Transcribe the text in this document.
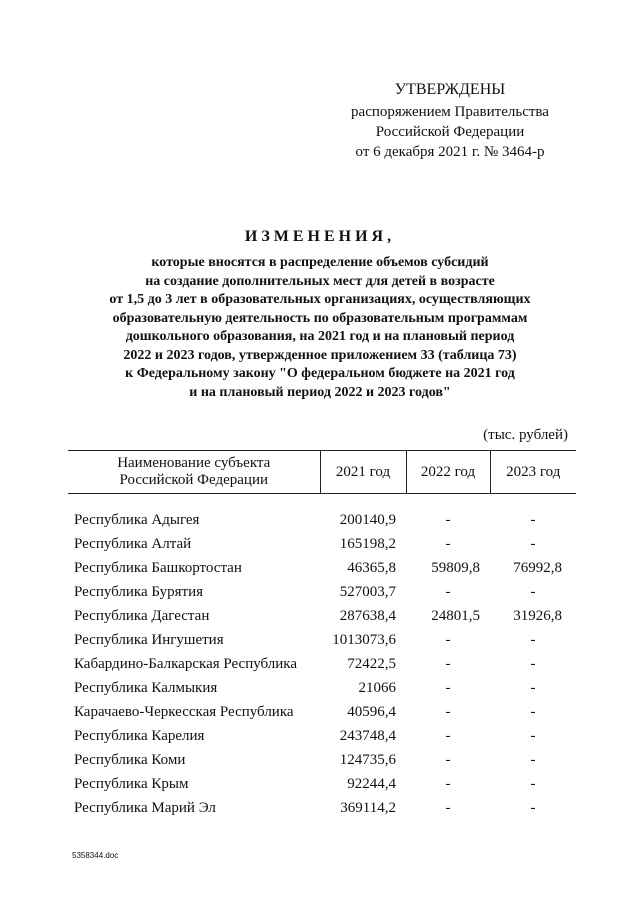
УТВЕРЖДЕНЫ
распоряжением Правительства
Российской Федерации
от 6 декабря 2021 г. № 3464-р
ИЗМЕНЕНИЯ,
которые вносятся в распределение объемов субсидий
на создание дополнительных мест для детей в возрасте
от 1,5 до 3 лет в образовательных организациях, осуществляющих
образовательную деятельность по образовательным программам
дошкольного образования, на 2021 год и на плановый период
2022 и 2023 годов, утвержденное приложением 33 (таблица 73)
к Федеральному закону "О федеральном бюджете на 2021 год
и на плановый период 2022 и 2023 годов"
(тыс. рублей)
Наименование субъекта
Российской Федерации	2021 год	2022 год	2023 год

Республика Адыгея	200140,9	-	-
Республика Алтай	165198,2	-	-
Республика Башкортостан	46365,8	59809,8	76992,8
Республика Бурятия	527003,7	-	-
Республика Дагестан	287638,4	24801,5	31926,8
Республика Ингушетия	1013073,6	-	-
Кабардино-Балкарская Республика	72422,5	-	-
Республика Калмыкия	21066	-	-
Карачаево-Черкесская Республика	40596,4	-	-
Республика Карелия	243748,4	-	-
Республика Коми	124735,6	-	-
Республика Крым	92244,4	-	-
Республика Марий Эл	369114,2	-	-
5358344.doc
